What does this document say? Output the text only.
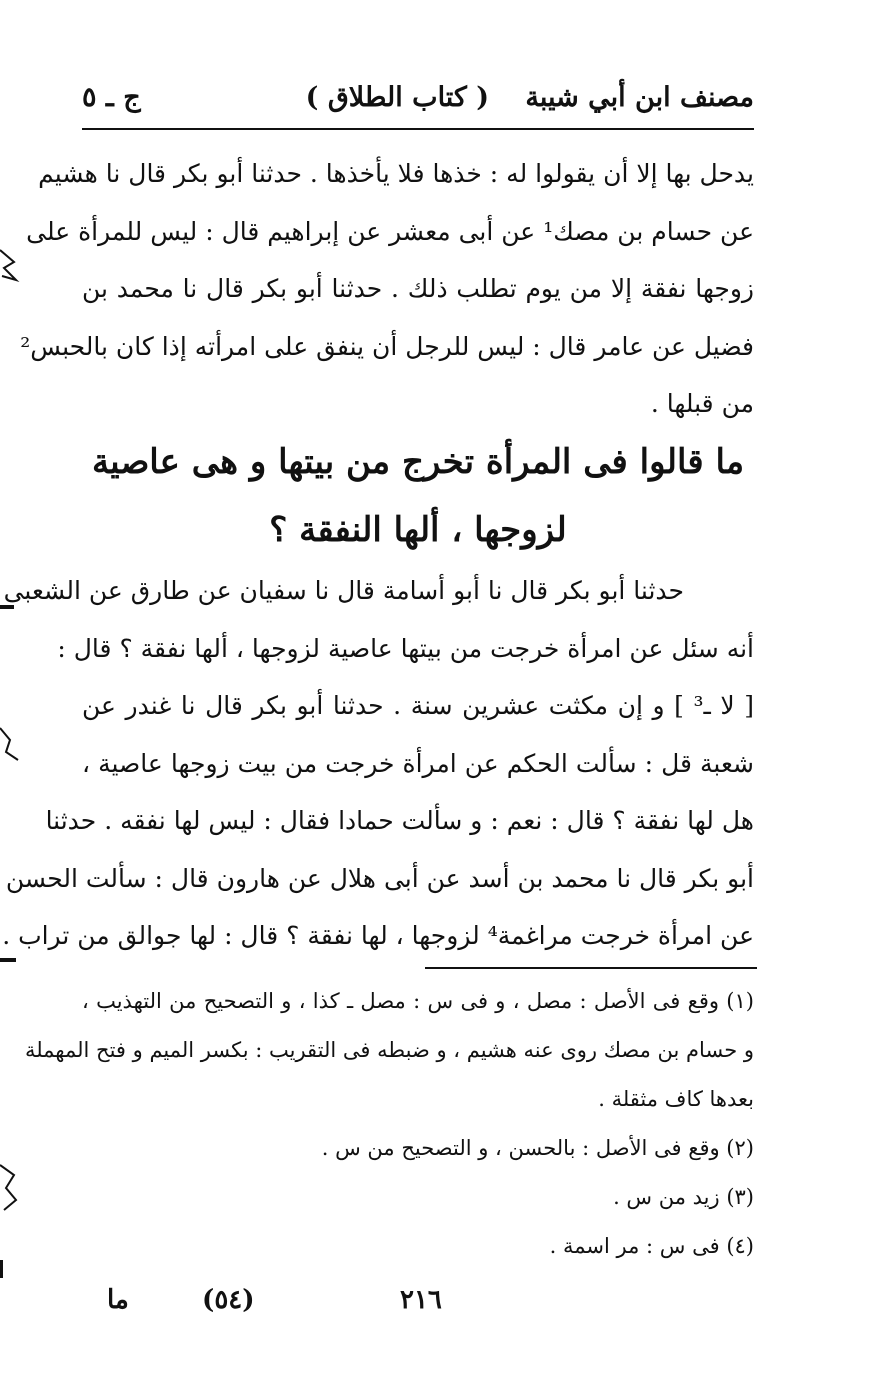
مصنف ابن أبي شيبة
( كتاب الطلاق )
ج ـ ٥
يدحل بها إلا أن يقولوا له : خذها فلا يأخذها . حدثنا أبو بكر قال نا هشيم
عن حسام بن مصك¹ عن أبى معشر عن إبراهيم قال : ليس للمرأة على
زوجها نفقة إلا من يوم تطلب ذلك . حدثنا أبو بكر قال نا محمد بن
فضيل عن عامر قال : ليس للرجل أن ينفق على امرأته إذا كان بالحبس²
من قبلها .
ما قالوا فى المرأة تخرج من بيتها و هى عاصية
لزوجها ، ألها النفقة ؟
حدثنا أبو بكر قال نا أبو أسامة قال نا سفيان عن طارق عن الشعبى
أنه سئل عن امرأة خرجت من بيتها عاصية لزوجها ، ألها نفقة ؟ قال :
[ لا ـ³ ] و إن مكثت عشرين سنة . حدثنا أبو بكر قال نا غندر عن
شعبة قل : سألت الحكم عن امرأة خرجت من بيت زوجها عاصية ،
هل لها نفقة ؟ قال : نعم : و سألت حمادا فقال : ليس لها نفقه . حدثنا
أبو بكر قال نا محمد بن أسد عن أبى هلال عن هارون قال : سألت الحسن
عن امرأة خرجت مراغمة⁴ لزوجها ، لها نفقة ؟ قال : لها جوالق من تراب .
(١) وقع فى الأصل : مصل ، و فى س : مصل ـ كذا ، و التصحيح من التهذيب ،
و حسام بن مصك روى عنه هشيم ، و ضبطه فى التقريب : بكسر الميم و فتح المهملة
بعدها كاف مثقلة .
(٢) وقع فى الأصل : بالحسن ، و التصحيح من س .
(٣) زيد من س .
(٤) فى س : مر اسمة .
ما	(٥٤)	٢١٦
